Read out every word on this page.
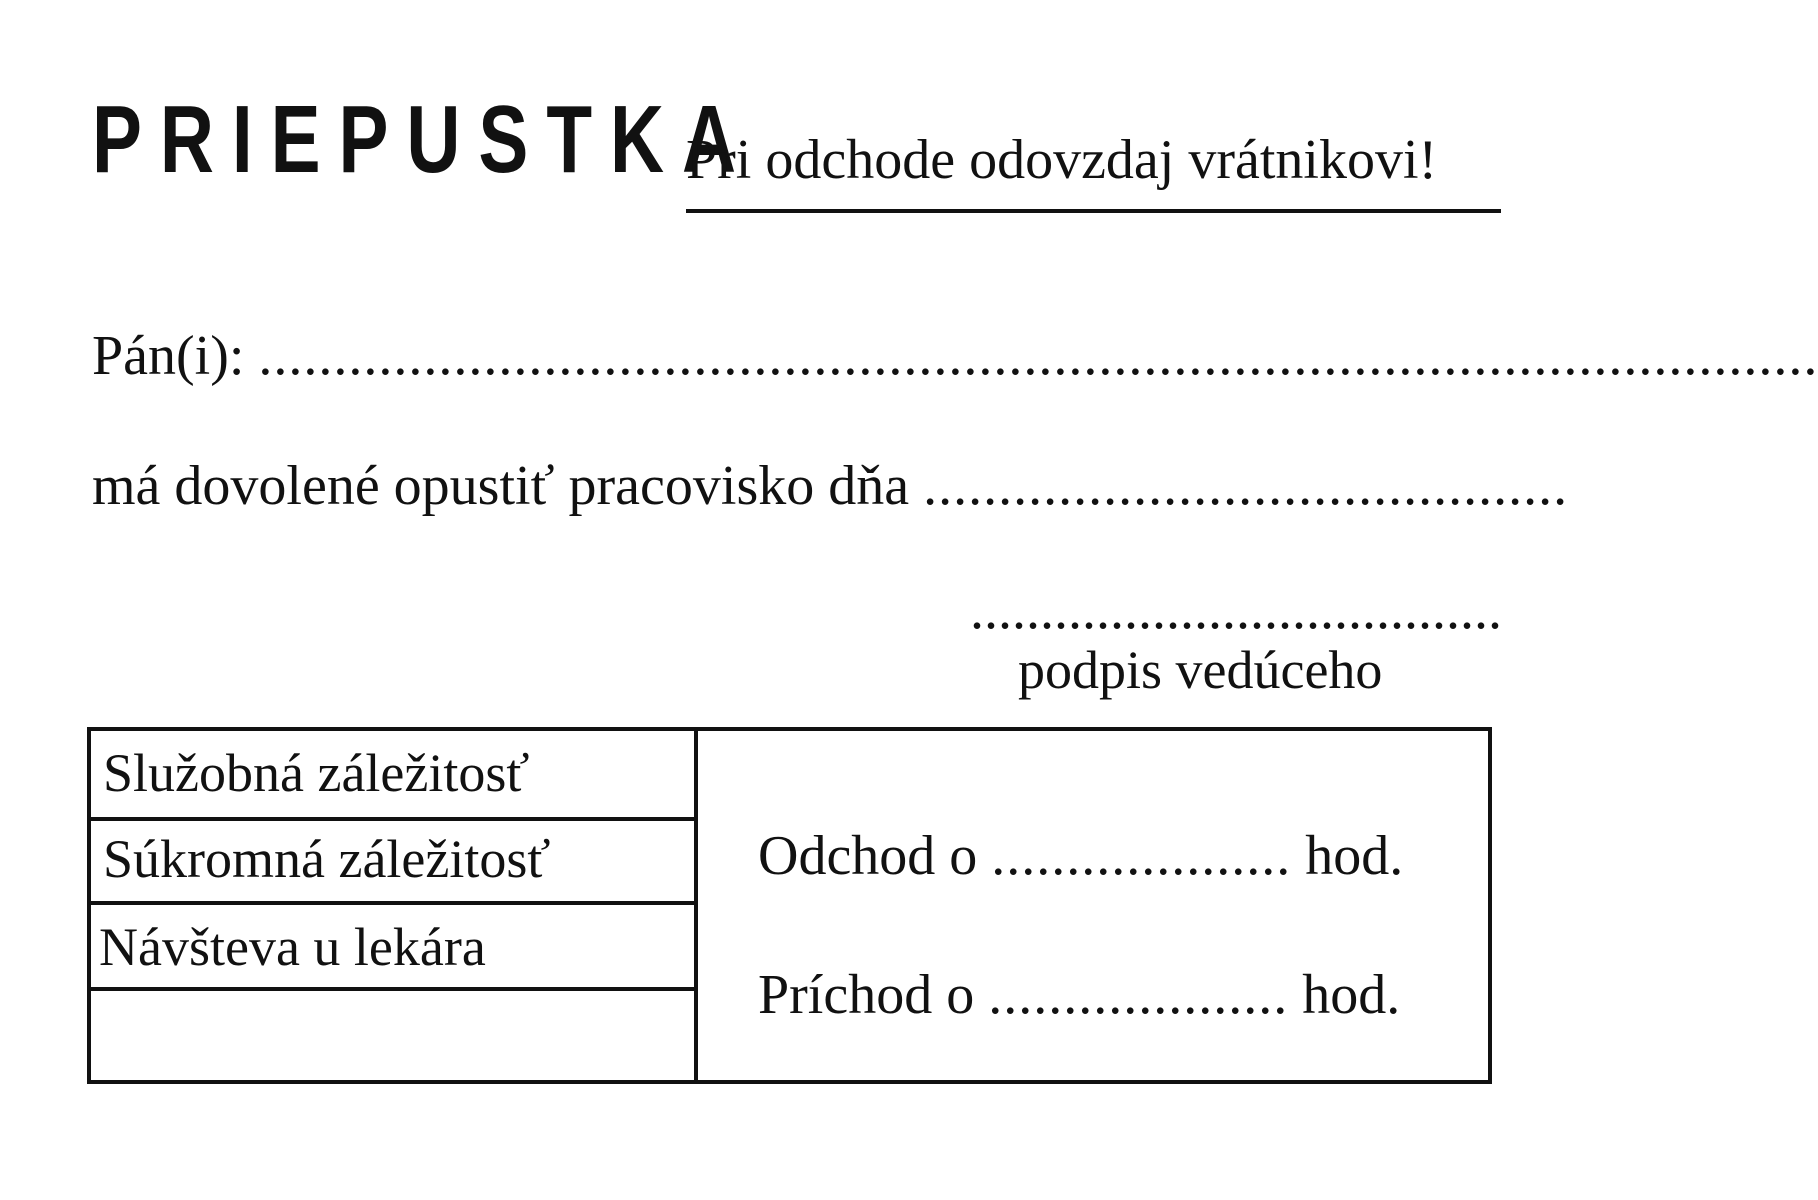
PRIEPUSTKA
Pri odchode odovzdaj vrátnikovi!
Pán(i): ........................................................................................................
má dovolené opustiť pracovisko dňa ...........................................
......................................
podpis vedúceho
Služobná záležitosť
Súkromná záležitosť
Návšteva u lekára
Odchod o .................... hod.
Príchod o .................... hod.
